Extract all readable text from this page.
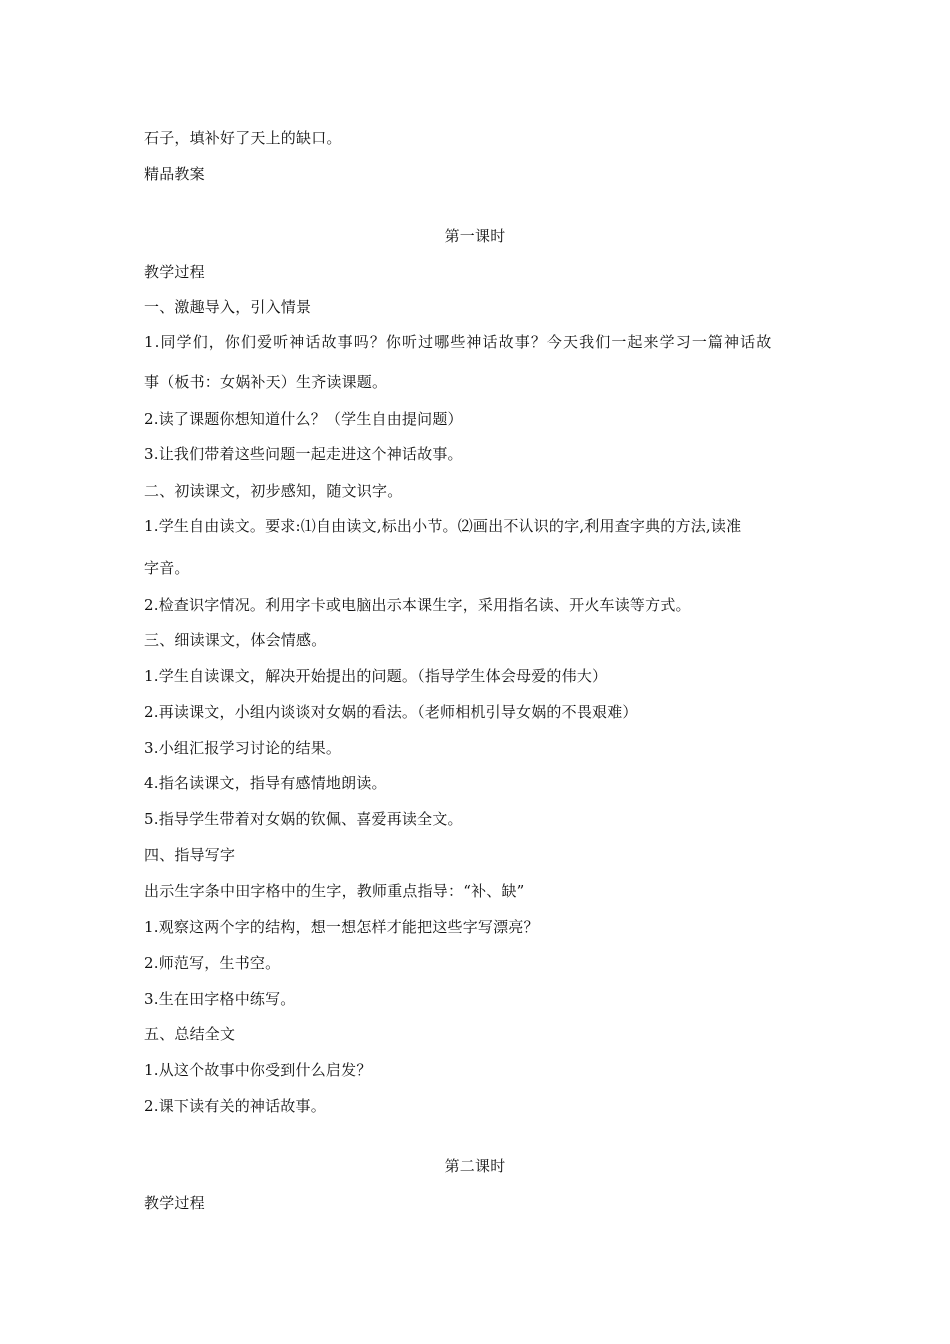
石子，填补好了天上的缺口。
精品教案
第一课时
教学过程
一、激趣导入，引入情景
1.同学们，你们爱听神话故事吗？你听过哪些神话故事？今天我们一起来学习一篇神话故
事（板书：女娲补天）生齐读课题。
2.读了课题你想知道什么？（学生自由提问题）
3.让我们带着这些问题一起走进这个神话故事。
二、初读课文，初步感知，随文识字。
1.学生自由读文。要求:⑴自由读文,标出小节。⑵画出不认识的字,利用查字典的方法,读准
字音。
2.检查识字情况。利用字卡或电脑出示本课生字，采用指名读、开火车读等方式。
三、细读课文，体会情感。
1.学生自读课文，解决开始提出的问题。（指导学生体会母爱的伟大）
2.再读课文，小组内谈谈对女娲的看法。（老师相机引导女娲的不畏艰难）
3.小组汇报学习讨论的结果。
4.指名读课文，指导有感情地朗读。
5.指导学生带着对女娲的钦佩、喜爱再读全文。
四、指导写字
出示生字条中田字格中的生字，教师重点指导：“补、缺”
1.观察这两个字的结构，想一想怎样才能把这些字写漂亮？
2.师范写，生书空。
3.生在田字格中练写。
五、总结全文
1.从这个故事中你受到什么启发？
2.课下读有关的神话故事。
第二课时
教学过程
